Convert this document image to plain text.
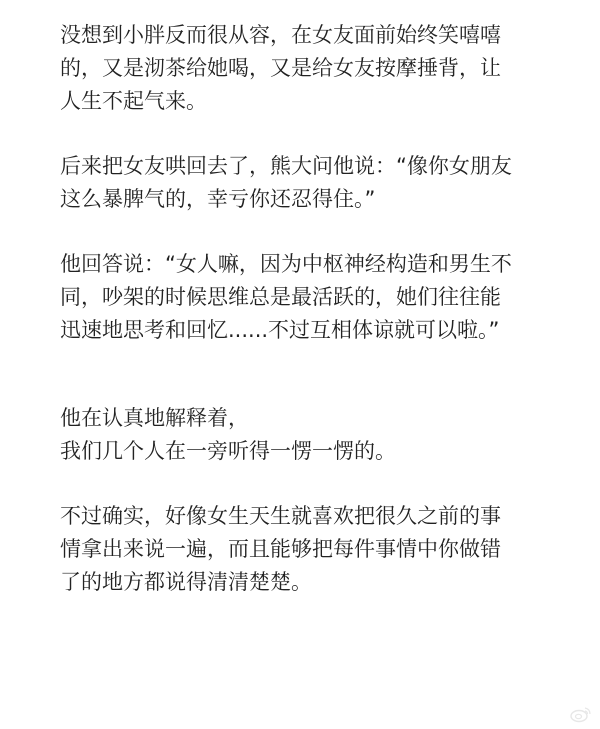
没想到小胖反而很从容，在女友面前始终笑嘻嘻
的，又是沏茶给她喝，又是给女友按摩捶背，让
人生不起气来。

后来把女友哄回去了，熊大问他说：“像你女朋友
这么暴脾气的，幸亏你还忍得住。”

他回答说：“女人嘛，因为中枢神经构造和男生不
同，吵架的时候思维总是最活跃的，她们往往能
迅速地思考和回忆......不过互相体谅就可以啦。”

他在认真地解释着，
我们几个人在一旁听得一愣一愣的。

不过确实，好像女生天生就喜欢把很久之前的事
情拿出来说一遍，而且能够把每件事情中你做错
了的地方都说得清清楚楚。
